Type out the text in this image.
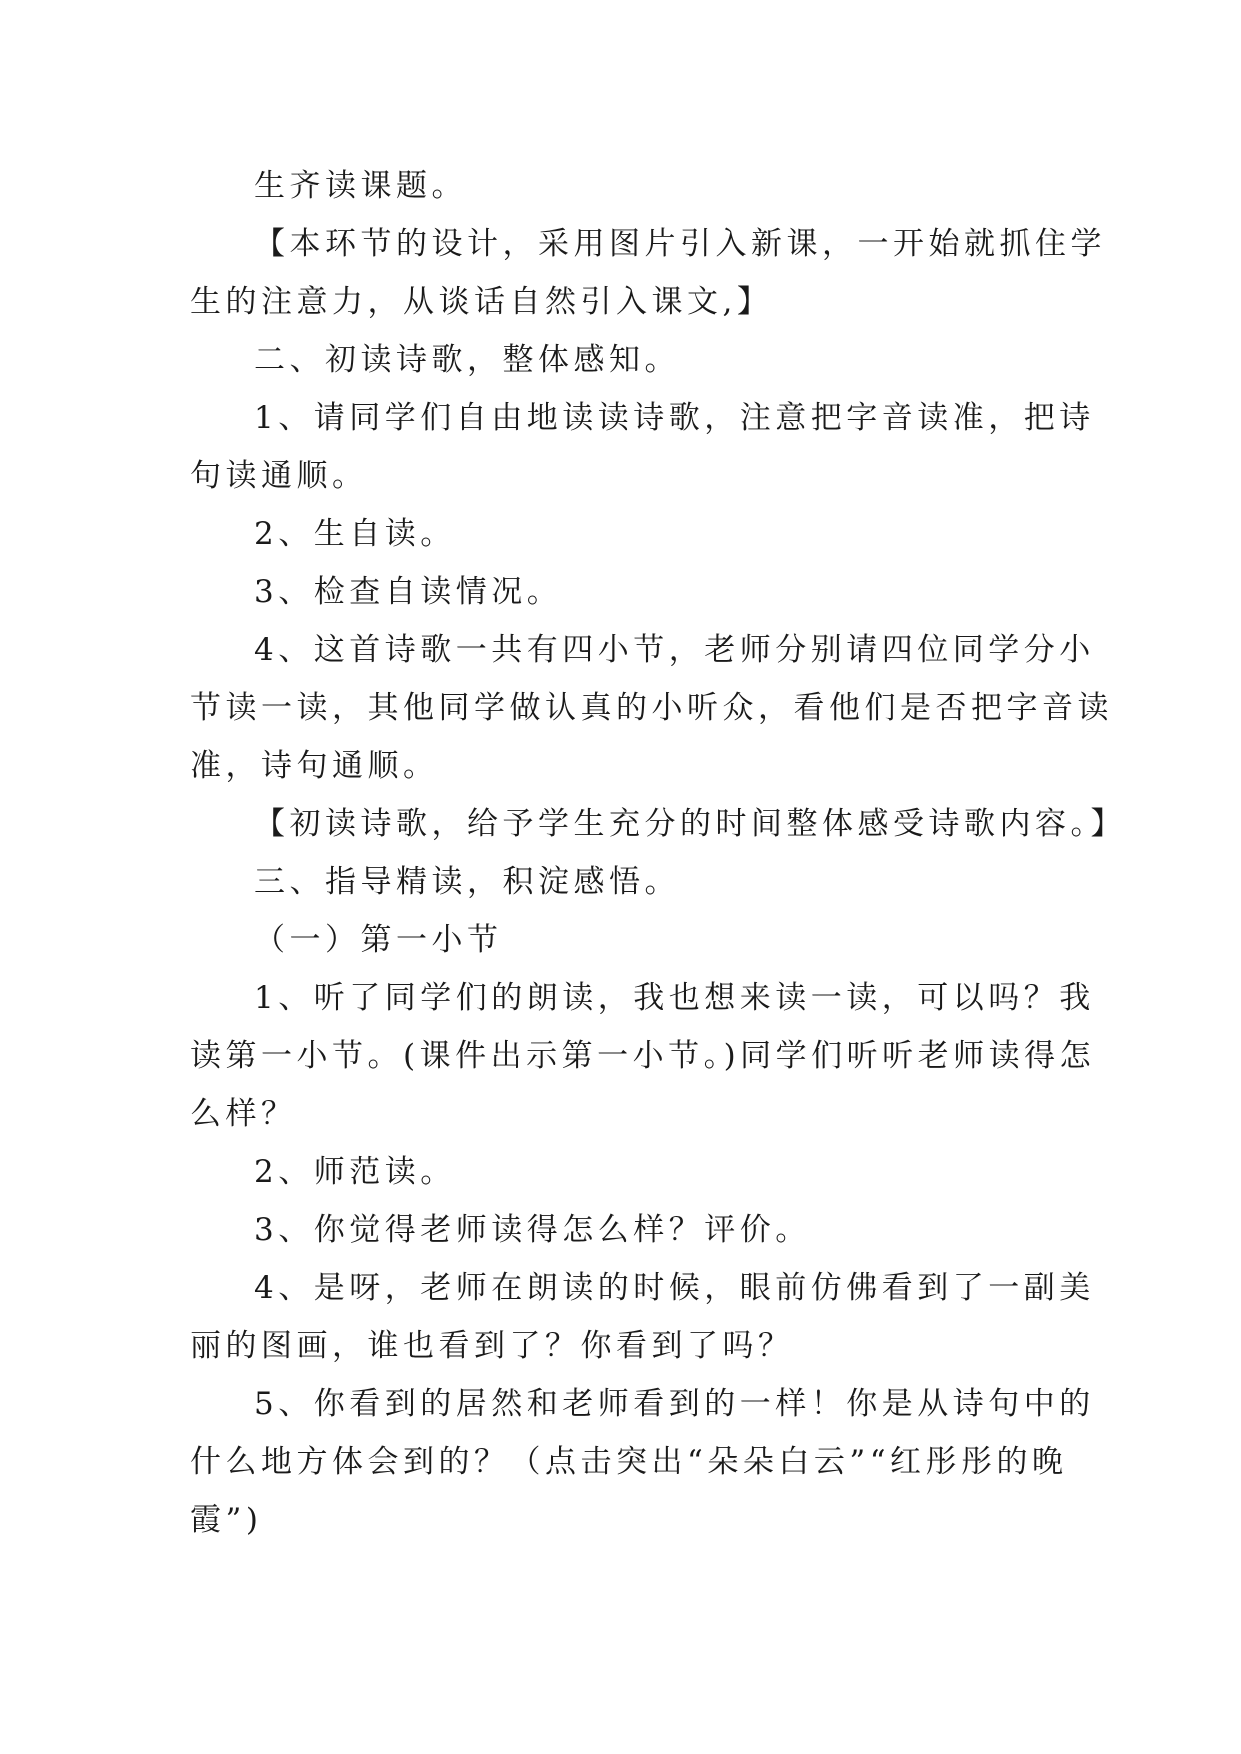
生齐读课题。
【本环节的设计，采用图片引入新课，一开始就抓住学
生的注意力，从谈话自然引入课文,】
二、初读诗歌，整体感知。
1、请同学们自由地读读诗歌，注意把字音读准，把诗
句读通顺。
2、生自读。
3、检查自读情况。
4、这首诗歌一共有四小节，老师分别请四位同学分小
节读一读，其他同学做认真的小听众，看他们是否把字音读
准，诗句通顺。
【初读诗歌，给予学生充分的时间整体感受诗歌内容。】
三、指导精读，积淀感悟。
（一）第一小节
1、听了同学们的朗读，我也想来读一读，可以吗？我
读第一小节。(课件出示第一小节。)同学们听听老师读得怎
么样？
2、师范读。
3、你觉得老师读得怎么样？评价。
4、是呀，老师在朗读的时候，眼前仿佛看到了一副美
丽的图画，谁也看到了？你看到了吗？
5、你看到的居然和老师看到的一样！你是从诗句中的
什么地方体会到的？（点击突出“朵朵白云”“红彤彤的晚
霞”)
